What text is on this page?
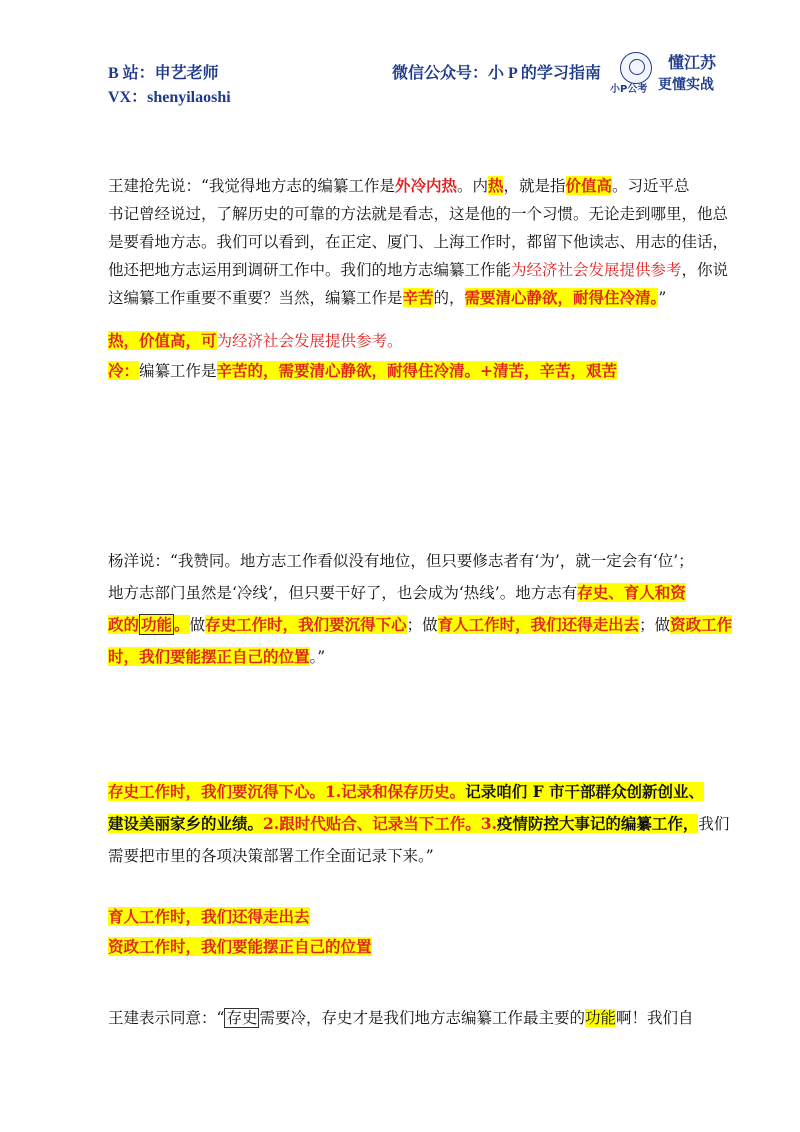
B 站：申艺老师
VX：shenyilaoshi
微信公众号：小 P 的学习指南
小P公考
懂江苏
更懂实战
王建抢先说：“我觉得地方志的编纂工作是外冷内热。内热，就是指价值高。习近平总
书记曾经说过，了解历史的可靠的方法就是看志，这是他的一个习惯。无论走到哪里，他总
是要看地方志。我们可以看到，在正定、厦门、上海工作时，都留下他读志、用志的佳话，
他还把地方志运用到调研工作中。我们的地方志编纂工作能为经济社会发展提供参考，你说
这编纂工作重要不重要？当然，编纂工作是辛苦的，需要清心静欲，耐得住冷清。”
热，价值高，可为经济社会发展提供参考。
冷：编纂工作是辛苦的，需要清心静欲，耐得住冷清。+清苦，辛苦，艰苦
杨洋说：“我赞同。地方志工作看似没有地位，但只要修志者有‘为’，就一定会有‘位’；
地方志部门虽然是‘冷线’，但只要干好了，也会成为‘热线’。地方志有存史、育人和资
政的 功能 。做存史工作时，我们要沉得下心；做育人工作时，我们还得走出去；做资政工作
时，我们要能摆正自己的位置。”
存史工作时，我们要沉得下心。1.记录和保存历史。记录咱们 F 市干部群众创新创业、
建设美丽家乡的业绩。2.跟时代贴合、记录当下工作。3.疫情防控大事记的编纂工作，我们
需要把市里的各项决策部署工作全面记录下来。”
育人工作时，我们还得走出去
资政工作时，我们要能摆正自己的位置
王建表示同意：“ 存史 需要冷，存史才是我们地方志编纂工作最主要的功能啊！我们自
